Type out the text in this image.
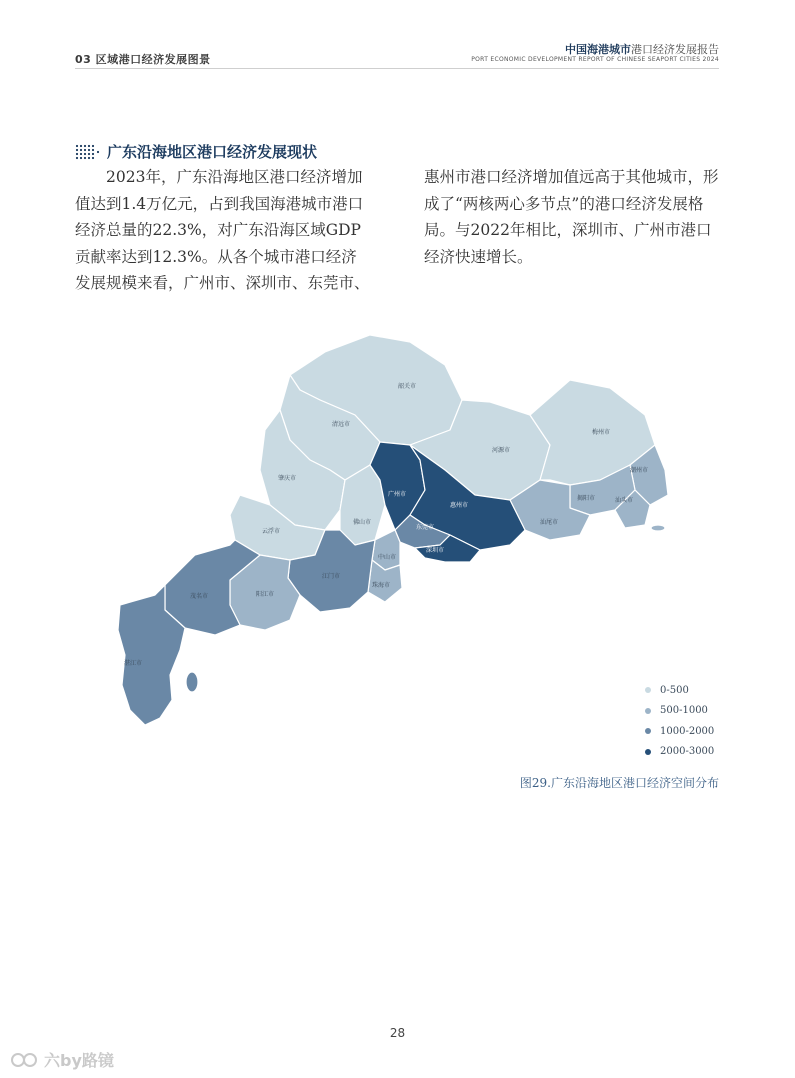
03 区域港口经济发展图景
中国海港城市港口经济发展报告
PORT ECONOMIC DEVELOPMENT REPORT OF CHINESE SEAPORT CITIES 2024
广东沿海地区港口经济发展现状
2023年，广东沿海地区港口经济增加值达到1.4万亿元，占到我国海港城市港口经济总量的22.3%，对广东沿海区域GDP贡献率达到12.3%。从各个城市港口经济发展规模来看，广州市、深圳市、东莞市、
惠州市港口经济增加值远高于其他城市，形成了“两核两心多节点”的港口经济发展格局。与2022年相比，深圳市、广州市港口经济快速增长。
韶关市
清远市
河源市
梅州市
潮州市
揭阳市	汕头市
汕尾市
肇庆市
云浮市
佛山市
广州市
惠州市
东莞市
深圳市
中山市
珠海市
江门市
阳江市
茂名市
湛江市
0-500
500-1000
1000-2000
2000-3000
图29.广东沿海地区港口经济空间分布
28
六by路镜
